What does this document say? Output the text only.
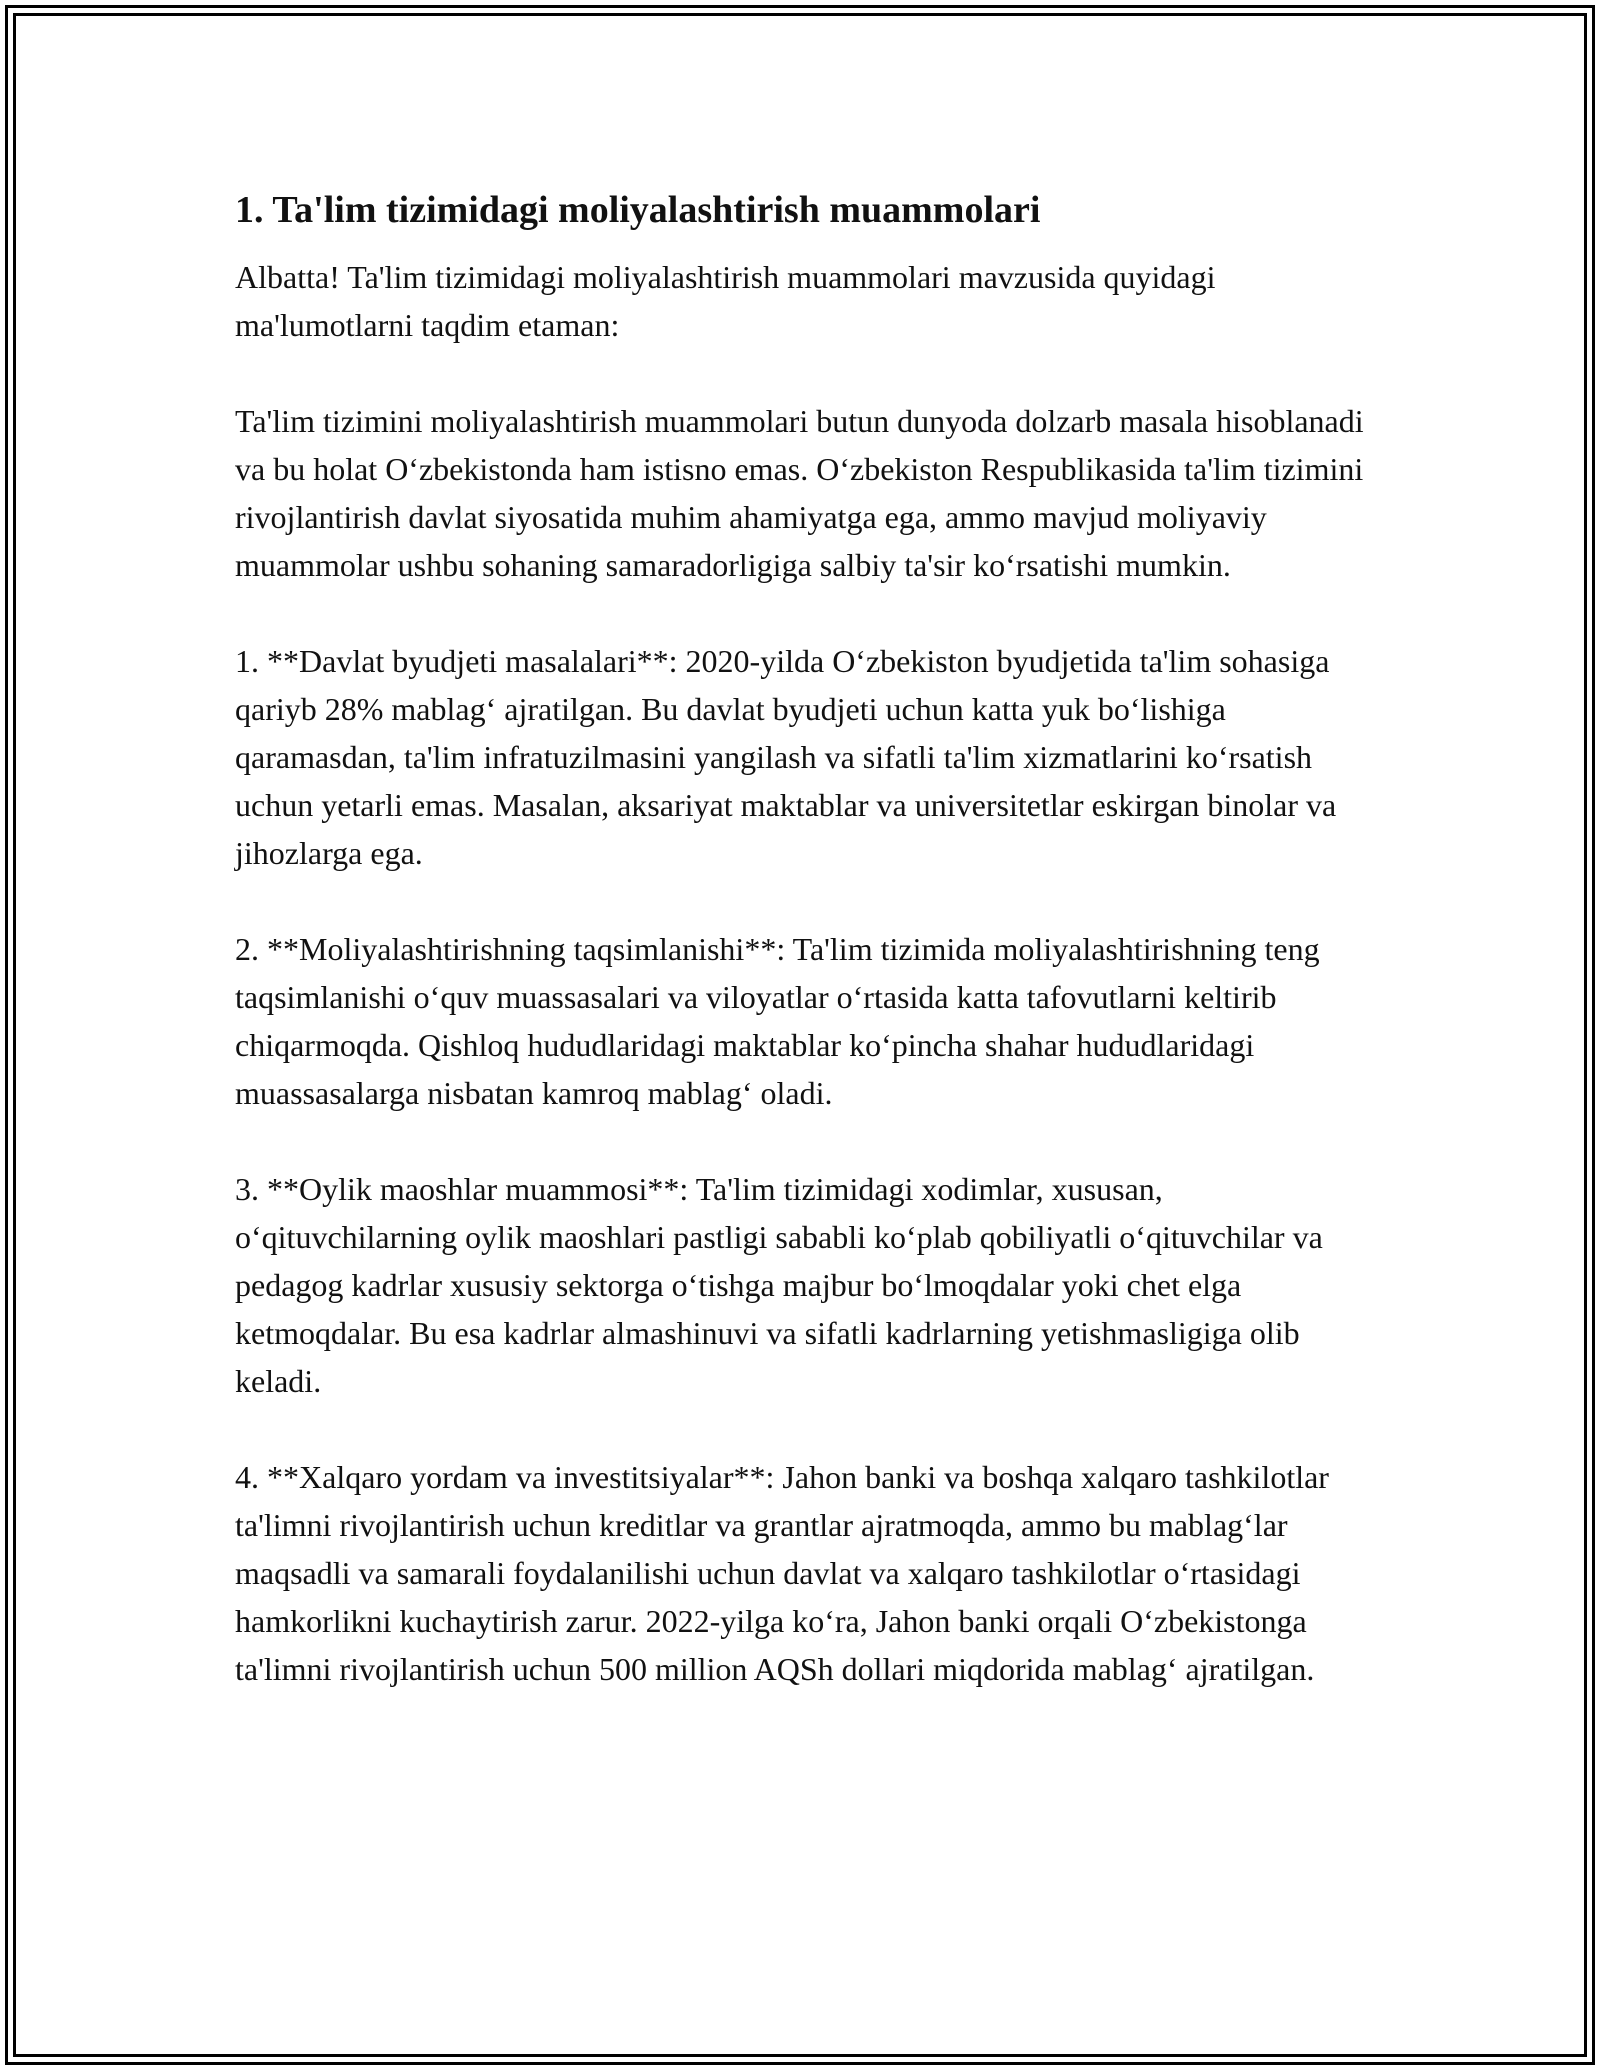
1. Ta'lim tizimidagi moliyalashtirish muammolari

Albatta! Ta'lim tizimidagi moliyalashtirish muammolari mavzusida quyidagi ma'lumotlarni taqdim etaman:

Ta'lim tizimini moliyalashtirish muammolari butun dunyoda dolzarb masala hisoblanadi va bu holat O‘zbekistonda ham istisno emas. O‘zbekiston Respublikasida ta'lim tizimini rivojlantirish davlat siyosatida muhim ahamiyatga ega, ammo mavjud moliyaviy muammolar ushbu sohaning samaradorligiga salbiy ta'sir ko‘rsatishi mumkin.

1. **Davlat byudjeti masalalari**: 2020-yilda O‘zbekiston byudjetida ta'lim sohasiga qariyb 28% mablag‘ ajratilgan. Bu davlat byudjeti uchun katta yuk bo‘lishiga qaramasdan, ta'lim infratuzilmasini yangilash va sifatli ta'lim xizmatlarini ko‘rsatish uchun yetarli emas. Masalan, aksariyat maktablar va universitetlar eskirgan binolar va jihozlarga ega.

2. **Moliyalashtirishning taqsimlanishi**: Ta'lim tizimida moliyalashtirishning teng taqsimlanishi o‘quv muassasalari va viloyatlar o‘rtasida katta tafovutlarni keltirib chiqarmoqda. Qishloq hududlaridagi maktablar ko‘pincha shahar hududlaridagi muassasalarga nisbatan kamroq mablag‘ oladi.

3. **Oylik maoshlar muammosi**: Ta'lim tizimidagi xodimlar, xususan, o‘qituvchilarning oylik maoshlari pastligi sababli ko‘plab qobiliyatli o‘qituvchilar va pedagog kadrlar xususiy sektorga o‘tishga majbur bo‘lmoqdalar yoki chet elga ketmoqdalar. Bu esa kadrlar almashinuvi va sifatli kadrlarning yetishmasligiga olib keladi.

4. **Xalqaro yordam va investitsiyalar**: Jahon banki va boshqa xalqaro tashkilotlar ta'limni rivojlantirish uchun kreditlar va grantlar ajratmoqda, ammo bu mablag‘lar maqsadli va samarali foydalanilishi uchun davlat va xalqaro tashkilotlar o‘rtasidagi hamkorlikni kuchaytirish zarur. 2022-yilga ko‘ra, Jahon banki orqali O‘zbekistonga ta'limni rivojlantirish uchun 500 million AQSh dollari miqdorida mablag‘ ajratilgan.
